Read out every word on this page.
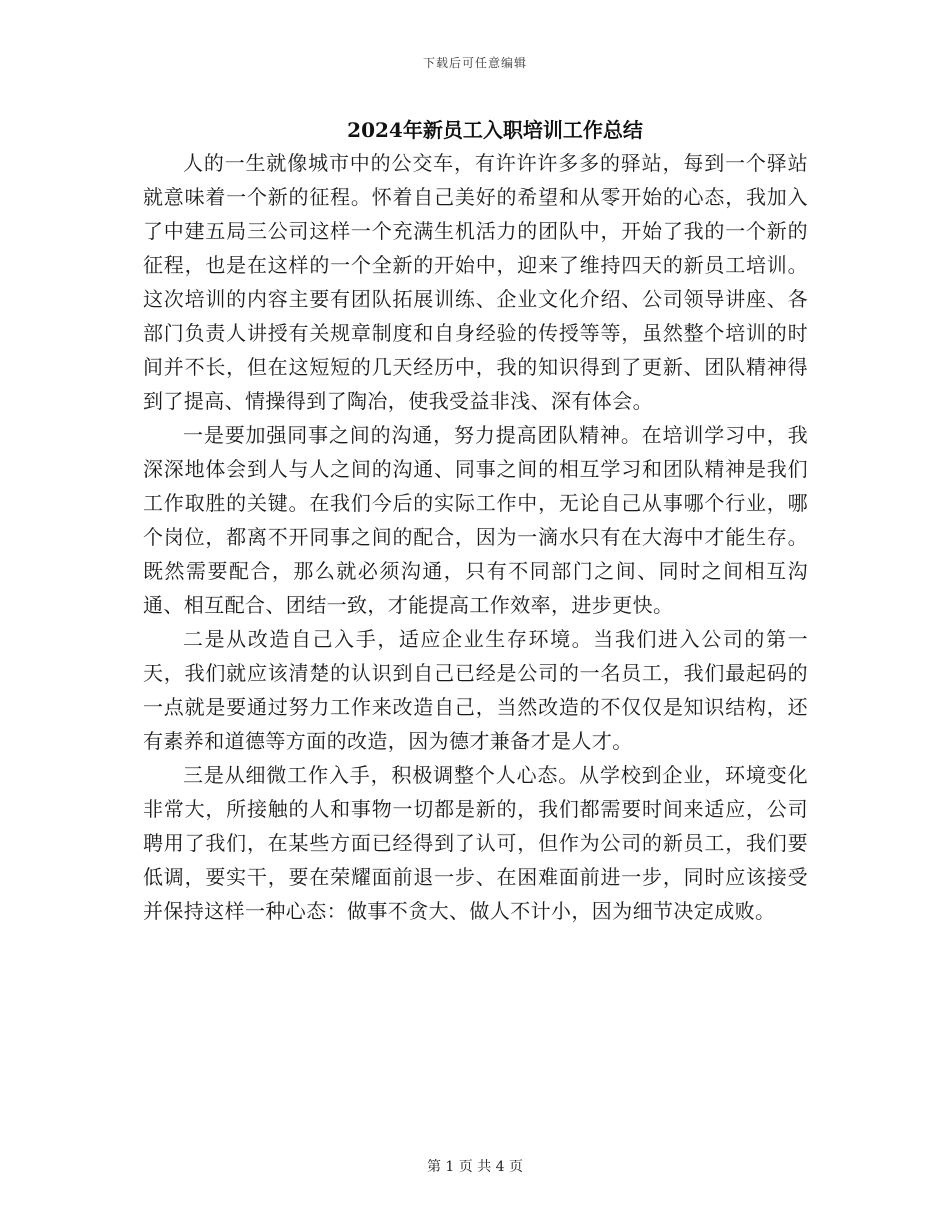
下载后可任意编辑
2024年新员工入职培训工作总结

人的一生就像城市中的公交车，有许许许多多的驿站，每到一个驿站就意味着一个新的征程。怀着自己美好的希望和从零开始的心态，我加入了中建五局三公司这样一个充满生机活力的团队中，开始了我的一个新的征程，也是在这样的一个全新的开始中，迎来了维持四天的新员工培训。这次培训的内容主要有团队拓展训练、企业文化介绍、公司领导讲座、各部门负责人讲授有关规章制度和自身经验的传授等等，虽然整个培训的时间并不长，但在这短短的几天经历中，我的知识得到了更新、团队精神得到了提高、情操得到了陶冶，使我受益非浅、深有体会。

一是要加强同事之间的沟通，努力提高团队精神。在培训学习中，我深深地体会到人与人之间的沟通、同事之间的相互学习和团队精神是我们工作取胜的关键。在我们今后的实际工作中，无论自己从事哪个行业，哪个岗位，都离不开同事之间的配合，因为一滴水只有在大海中才能生存。既然需要配合，那么就必须沟通，只有不同部门之间、同时之间相互沟通、相互配合、团结一致，才能提高工作效率，进步更快。

二是从改造自己入手，适应企业生存环境。当我们进入公司的第一天，我们就应该清楚的认识到自己已经是公司的一名员工，我们最起码的一点就是要通过努力工作来改造自己，当然改造的不仅仅是知识结构，还有素养和道德等方面的改造，因为德才兼备才是人才。

三是从细微工作入手，积极调整个人心态。从学校到企业，环境变化非常大，所接触的人和事物一切都是新的，我们都需要时间来适应，公司聘用了我们，在某些方面已经得到了认可，但作为公司的新员工，我们要低调，要实干，要在荣耀面前退一步、在困难面前进一步，同时应该接受并保持这样一种心态：做事不贪大、做人不计小，因为细节决定成败。

第 1 页 共 4 页
